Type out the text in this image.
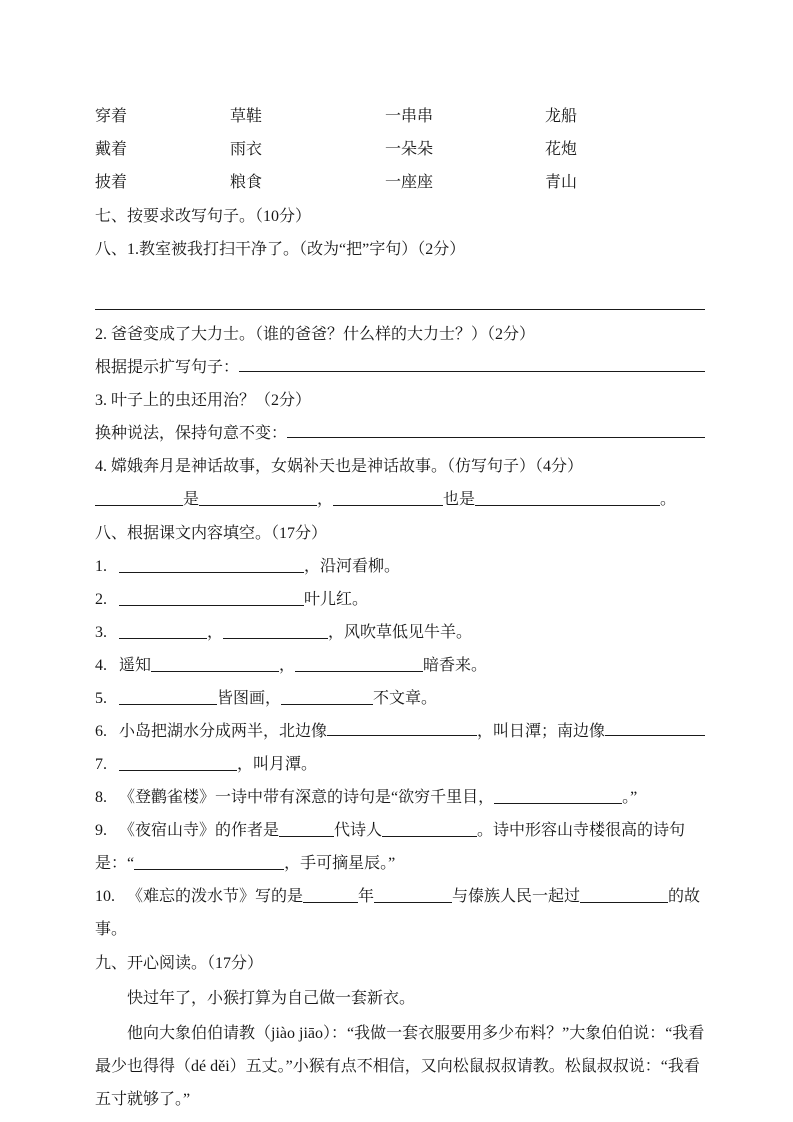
穿着	草鞋	一串串	龙船
戴着	雨衣	一朵朵	花炮
披着	粮食	一座座	青山
七、按要求改写句子。（10分）
八、1.教室被我打扫干净了。（改为“把”字句）（2分）
2. 爸爸变成了大力士。（谁的爸爸？什么样的大力士？）（2分）
根据提示扩写句子：
3. 叶子上的虫还用治？（2分）
换种说法，保持句意不变：
4. 嫦娥奔月是神话故事，女娲补天也是神话故事。（仿写句子）（4分）
是	，	也是	。
八、根据课文内容填空。（17分）
1.	，沿河看柳。
2.	叶儿红。
3.	，	，风吹草低见牛羊。
4. 遥知	，	暗香来。
5.	皆图画，	不文章。
6. 小岛把湖水分成两半，北边像	，叫日潭；南边像
7.	，叫月潭。
8. 《登鹳雀楼》一诗中带有深意的诗句是“欲穷千里目，	。”
9. 《夜宿山寺》的作者是	代诗人	。诗中形容山寺楼很高的诗句是：“	，手可摘星辰。”
10. 《难忘的泼水节》写的是	年	与傣族人民一起过	的故事。
九、开心阅读。（17分）
快过年了，小猴打算为自己做一套新衣。
他向大象伯伯请教（jiào jiāo）：“我做一套衣服要用多少布料？”大象伯伯说：“我看最少也得得（dé děi）五丈。”小猴有点不相信，又向松鼠叔叔请教。松鼠叔叔说：“我看五寸就够了。”
